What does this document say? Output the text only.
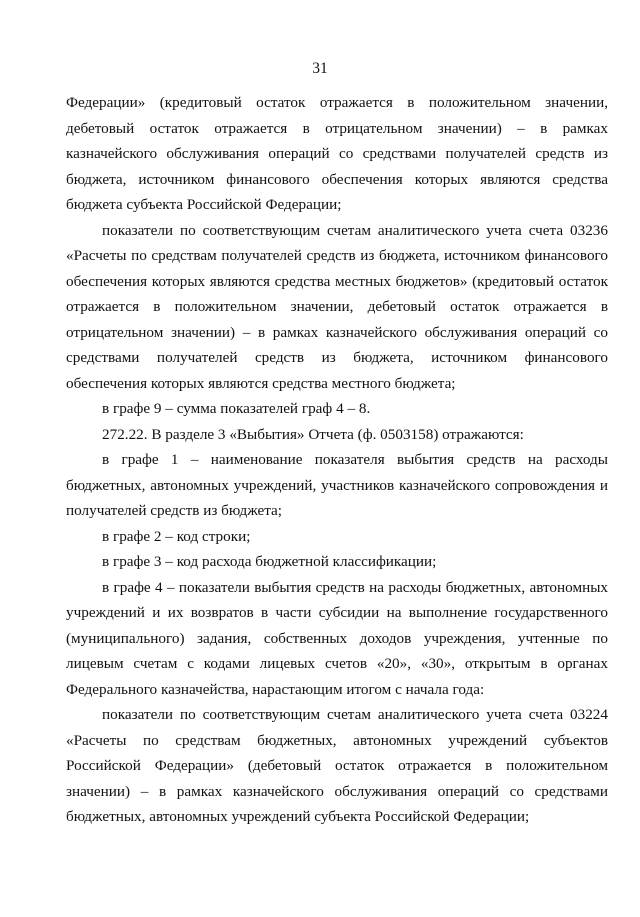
31

Федерации» (кредитовый остаток отражается в положительном значении, дебетовый остаток отражается в отрицательном значении) – в рамках казначейского обслуживания операций со средствами получателей средств из бюджета, источником финансового обеспечения которых являются средства бюджета субъекта Российской Федерации;

показатели по соответствующим счетам аналитического учета счета 03236 «Расчеты по средствам получателей средств из бюджета, источником финансового обеспечения которых являются средства местных бюджетов» (кредитовый остаток отражается в положительном значении, дебетовый остаток отражается в отрицательном значении) – в рамках казначейского обслуживания операций со средствами получателей средств из бюджета, источником финансового обеспечения которых являются средства местного бюджета;

в графе 9 – сумма показателей граф 4 – 8.

272.22. В разделе 3 «Выбытия» Отчета (ф. 0503158) отражаются:

в графе 1 – наименование показателя выбытия средств на расходы бюджетных, автономных учреждений, участников казначейского сопровождения и получателей средств из бюджета;

в графе 2 – код строки;

в графе 3 – код расхода бюджетной классификации;

в графе 4 – показатели выбытия средств на расходы бюджетных, автономных учреждений и их возвратов в части субсидии на выполнение государственного (муниципального) задания, собственных доходов учреждения, учтенные по лицевым счетам с кодами лицевых счетов «20», «30», открытым в органах Федерального казначейства, нарастающим итогом с начала года:

показатели по соответствующим счетам аналитического учета счета 03224 «Расчеты по средствам бюджетных, автономных учреждений субъектов Российской Федерации» (дебетовый остаток отражается в положительном значении) – в рамках казначейского обслуживания операций со средствами бюджетных, автономных учреждений субъекта Российской Федерации;
